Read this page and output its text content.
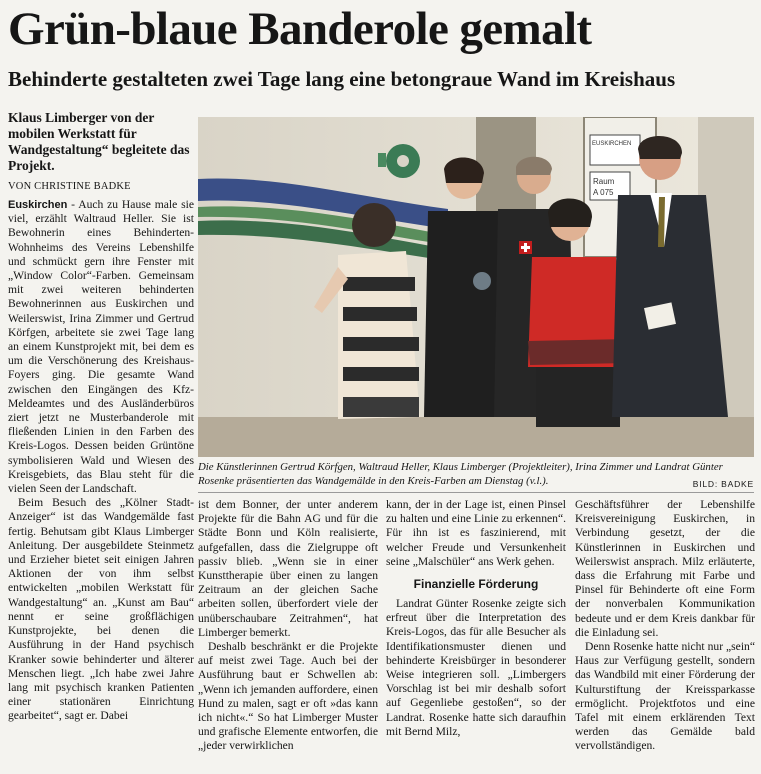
Grün-blaue Banderole gemalt
Behinderte gestalteten zwei Tage lang eine betongraue Wand im Kreishaus

Klaus Limberger von der mobilen Werkstatt für Wandgestaltung“ begleitete das Projekt.

VON CHRISTINE BADKE

Euskirchen - Auch zu Hause male sie viel, erzählt Waltraud Heller. Sie ist Bewohnerin eines Behinderten-Wohnheims des Vereins Lebenshilfe und schmückt gern ihre Fenster mit „Window Color“-Farben. Gemeinsam mit zwei weiteren behinderten Bewohnerinnen aus Euskirchen und Weilerswist, Irina Zimmer und Gertrud Körfgen, arbeitete sie zwei Tage lang an einem Kunstprojekt mit, bei dem es um die Verschönerung des Kreishaus-Foyers ging. Die gesamte Wand zwischen den Eingängen des Kfz-Meldeamtes und des Ausländerbüros ziert jetzt ne Musterbanderole mit fließenden Linien in den Farben des Kreis-Logos. Dessen beiden Grüntöne symbolisieren Wald und Wiesen des Kreisgebiets, das Blau steht für die vielen Seen der Landschaft.

Beim Besuch des „Kölner Stadt-Anzeiger“ ist das Wandgemälde fast fertig. Behutsam gibt Klaus Limberger Anleitung. Der ausgebildete Steinmetz und Erzieher bietet seit einigen Jahren Aktionen der von ihm selbst entwickelten „mobilen Werkstatt für Wandgestaltung“ an. „Kunst am Bau“ nennt er seine großflächigen Kunstprojekte, bei denen die Ausführung in der Hand psychisch Kranker sowie behinderter und älterer Menschen liegt. „Ich habe zwei Jahre lang mit psychisch kranken Patienten einer stationären Einrichtung gearbeitet“, sagt er. Dabei

EUSKIRCHEN
Raum
A 075

Die Künstlerinnen Gertrud Körfgen, Waltraud Heller, Klaus Limberger (Projektleiter), Irina Zimmer und Landrat Günter Rosenke präsentierten das Wandgemälde in den Kreis-Farben am Dienstag (v.l.).	BILD: BADKE

ist dem Bonner, der unter anderem Projekte für die Bahn AG und für die Städte Bonn und Köln realisierte, aufgefallen, dass die Zielgruppe oft passiv blieb. „Wenn sie in einer Kunsttherapie über einen zu langen Zeitraum an der gleichen Sache arbeiten sollen, überfordert viele der unüberschaubare Zeitrahmen“, hat Limberger bemerkt.

Deshalb beschränkt er die Projekte auf meist zwei Tage. Auch bei der Ausführung baut er Schwellen ab: „Wenn ich jemanden auffordere, einen Hund zu malen, sagt er oft »das kann ich nicht«.“ So hat Limberger Muster und grafische Elemente entworfen, die „jeder verwirklichen

kann, der in der Lage ist, einen Pinsel zu halten und eine Linie zu erkennen“. Für ihn ist es faszinierend, mit welcher Freude und Versunkenheit seine „Malschüler“ ans Werk gehen.

Finanzielle Förderung

Landrat Günter Rosenke zeigte sich erfreut über die Interpretation des Kreis-Logos, das für alle Besucher als Identifikationsmuster dienen und behinderte Kreisbürger in besonderer Weise integrieren soll. „Limbergers Vorschlag ist bei mir deshalb sofort auf Gegenliebe gestoßen“, so der Landrat. Rosenke hatte sich daraufhin mit Bernd Milz,

Geschäftsführer der Lebenshilfe Kreisvereinigung Euskirchen, in Verbindung gesetzt, der die Künstlerinnen in Euskirchen und Weilerswist ansprach. Milz erläuterte, dass die Erfahrung mit Farbe und Pinsel für Behinderte oft eine Form der nonverbalen Kommunikation bedeute und er dem Kreis dankbar für die Einladung sei.

Denn Rosenke hatte nicht nur „sein“ Haus zur Verfügung gestellt, sondern das Wandbild mit einer Förderung der Kulturstiftung der Kreissparkasse ermöglicht. Projektfotos und eine Tafel mit einem erklärenden Text werden das Gemälde bald vervollständigen.
